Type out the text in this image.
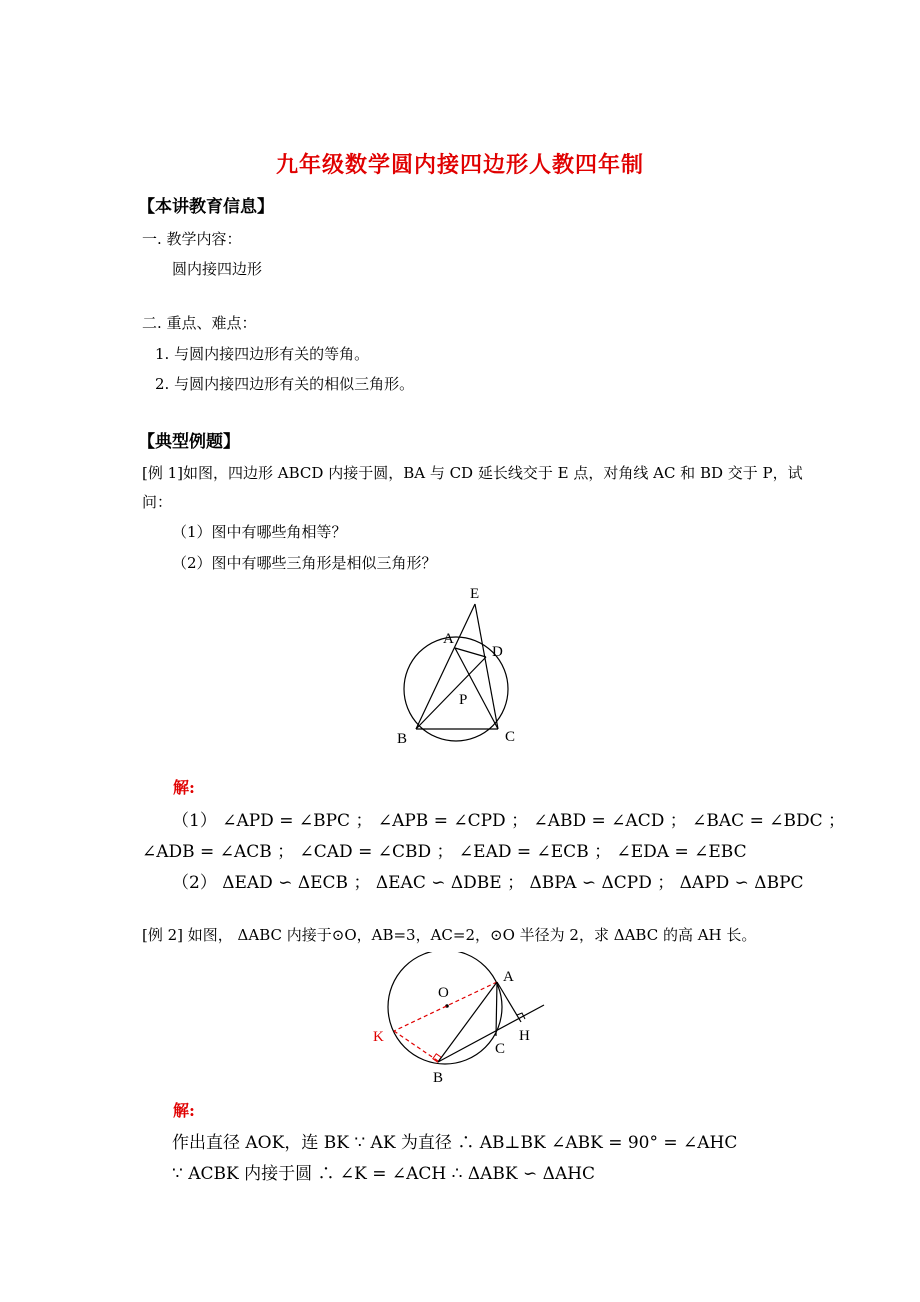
九年级数学圆内接四边形人教四年制
【本讲教育信息】
一. 教学内容：
圆内接四边形
二. 重点、难点：
1. 与圆内接四边形有关的等角。
2. 与圆内接四边形有关的相似三角形。
【典型例题】
[例 1]如图，四边形 ABCD 内接于圆，BA 与 CD 延长线交于 E 点，对角线 AC 和 BD 交于 P，试
问：
（1）图中有哪些角相等？
（2）图中有哪些三角形是相似三角形？
E
A
D
P
B	C
解:
（1） ∠APD = ∠BPC ； ∠APB = ∠CPD ； ∠ABD = ∠ACD ； ∠BAC = ∠BDC ；
∠ADB = ∠ACB ； ∠CAD = ∠CBD ； ∠EAD = ∠ECB ； ∠EDA = ∠EBC
（2） ΔEAD ∽ ΔECB ； ΔEAC ∽ ΔDBE ； ΔBPA ∽ ΔCPD ； ΔAPD ∽ ΔBPC
[例 2] 如图， ΔABC 内接于⊙O，AB=3，AC=2，⊙O 半径为 2，求 ΔABC 的高 AH 长。
O
A
K	H
C
B
解:
作出直径 AOK，连 BK ∵ AK 为直径 ∴ AB⊥BK ∠ABK = 90° = ∠AHC
∵ ACBK 内接于圆 ∴ ∠K = ∠ACH ∴ ΔABK ∽ ΔAHC
